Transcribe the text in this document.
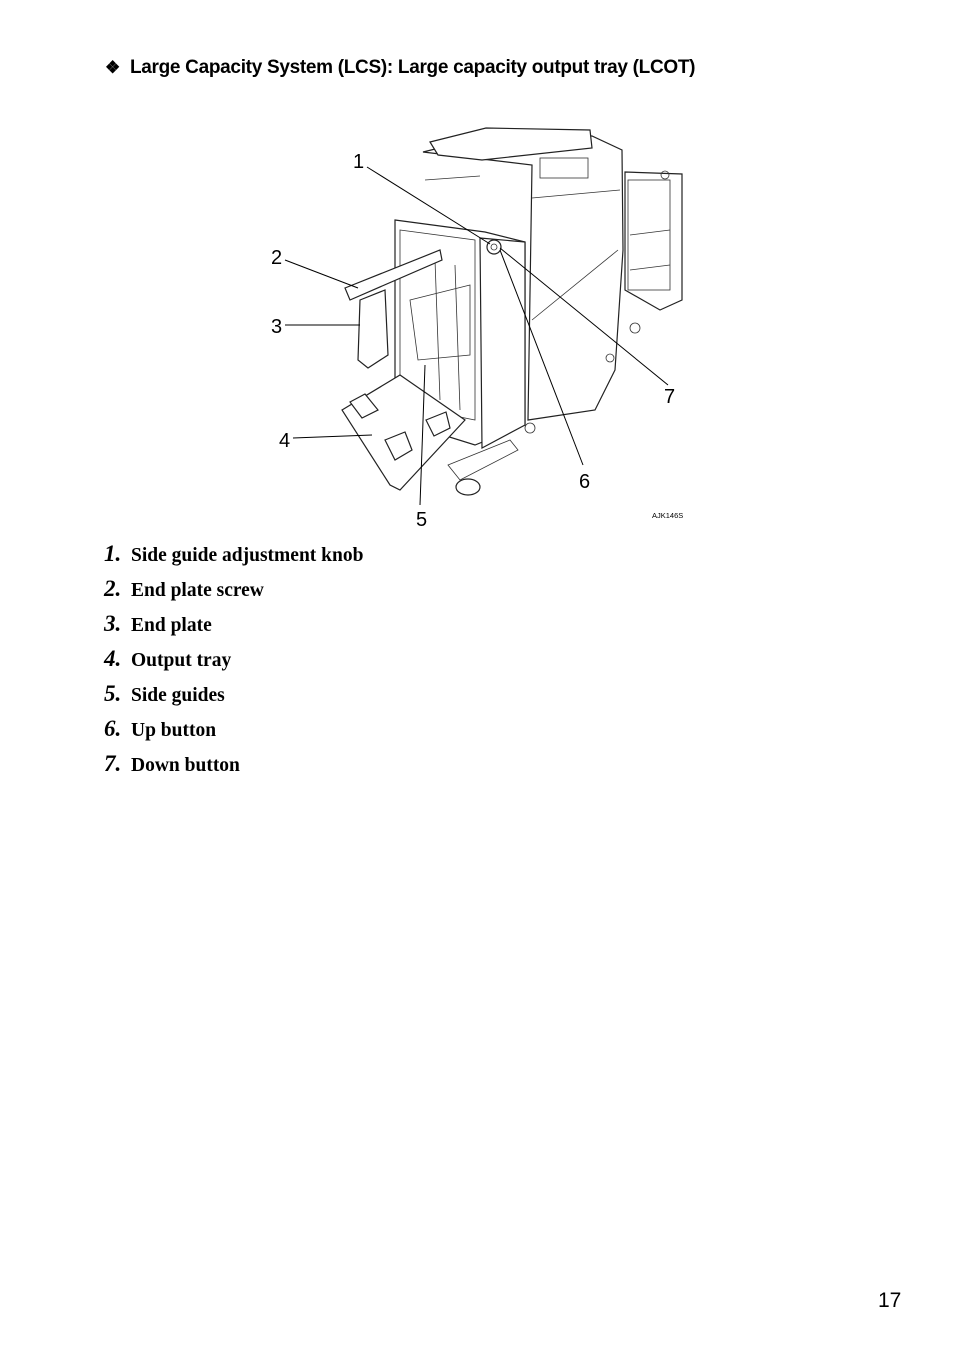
❖ Large Capacity System (LCS): Large capacity output tray (LCOT)
1
2
3
4
5
6
7
AJK146S
1. Side guide adjustment knob
2. End plate screw
3. End plate
4. Output tray
5. Side guides
6. Up button
7. Down button
17
